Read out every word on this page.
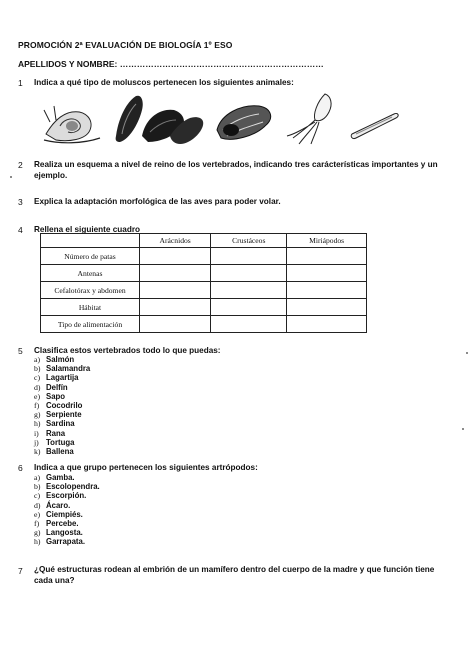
PROMOCIÓN 2ª EVALUACIÓN DE BIOLOGÍA 1º ESO
APELLIDOS Y NOMBRE: ………………………………………………………………
1 Indica a qué tipo de moluscos pertenecen los siguientes animales:
2 Realiza un esquema a nivel de reino de los vertebrados, indicando tres carácterísticas importantes y un
ejemplo.
3 Explica la adaptación morfológica de las aves para poder volar.
4 Rellena el siguiente cuadro
	Arácnidos	Crustáceos	Miriápodos
Número de patas			
Antenas			
Cefalotórax y abdomen			
Hábitat			
Tipo de alimentación			
5 Clasifica estos vertebrados todo lo que puedas:
a) Salmón
b) Salamandra
c) Lagartija
d) Delfín
e) Sapo
f) Cocodrilo
g) Serpiente
h) Sardina
i) Rana
j) Tortuga
k) Ballena
6 Indica a que grupo pertenecen los siguientes artrópodos:
a) Gamba.
b) Escolopendra.
c) Escorpión.
d) Ácaro.
e) Ciempiés.
f) Percebe.
g) Langosta.
h) Garrapata.
7 ¿Qué estructuras rodean al embrión de un mamífero dentro del cuerpo de la madre y que función tiene
cada una?
